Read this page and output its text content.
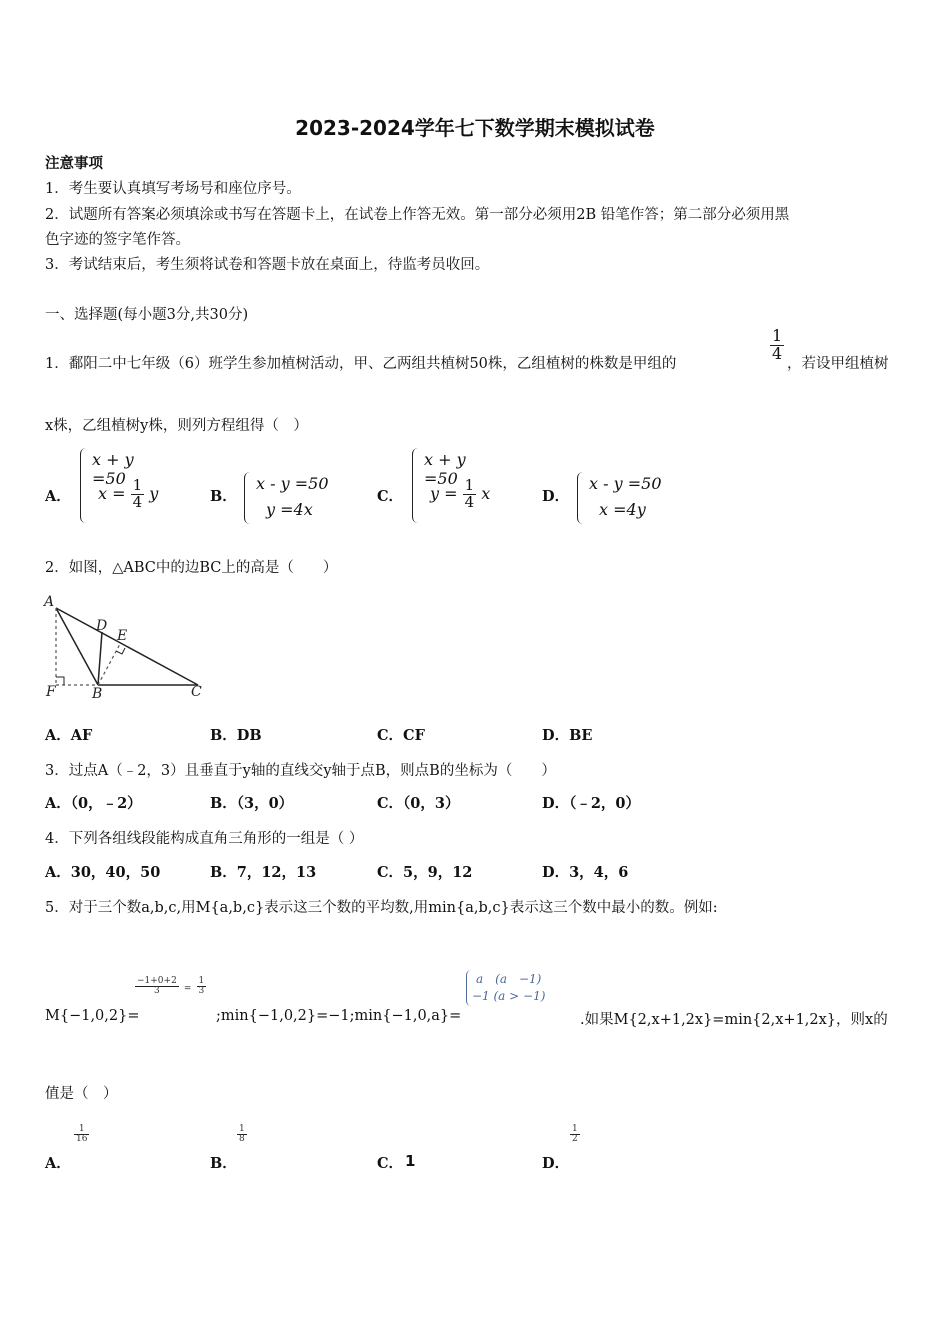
2023-2024学年七下数学期末模拟试卷
注意事项
1．考生要认真填写考场号和座位序号。
2．试题所有答案必须填涂或书写在答题卡上，在试卷上作答无效。第一部分必须用2B 铅笔作答；第二部分必须用黑
色字迹的签字笔作答。
3．考试结束后，考生须将试卷和答题卡放在桌面上，待监考员收回。
一、选择题(每小题3分,共30分)
1．鄱阳二中七年级（6）班学生参加植树活动，甲、乙两组共植树50株，乙组植树的株数是甲组的
$\frac{1}{4}$
，若设甲组植树
x株，乙组植树y株，则列方程组得（　）
A．
x + y =50
$x = \frac{1}{4}$ y	B．
x - y =50
y =4x
C．
x + y =50
$y = \frac{1}{4}$ x	D．
x - y =50
x =4y
2．如图，△ABC中的边BC上的高是（　　）
A
D
E
F	B	C
A．AF	B．DB	C．CF	D．BE
3．过点A（﹣2，3）且垂直于y轴的直线交y轴于点B，则点B的坐标为（　　）
A．（0，﹣2）	B．（3，0）	C．（0，3）	D．（﹣2，0）
4．下列各组线段能构成直角三角形的一组是（ ）
A．30，40，50	B．7，12，13	C．5，9，12	D．3，4，6
5．对于三个数a,b,c,用M{a,b,c}表示这三个数的平均数,用min{a,b,c}表示这三个数中最小的数。例如:
M{−1,0,2}=
$\frac{-1+0+2}{3} = \frac{1}{3}$
;min{−1,0,2}=−1;min{−1,0,a}=
a　(a　−1)
−1 (a > −1)
.如果M{2,x+1,2x}=min{2,x+1,2x}，则x的
值是（　）
A．
$\frac{1}{16}$
B．
$\frac{1}{8}$
C． 1	D．
$\frac{1}{2}$
